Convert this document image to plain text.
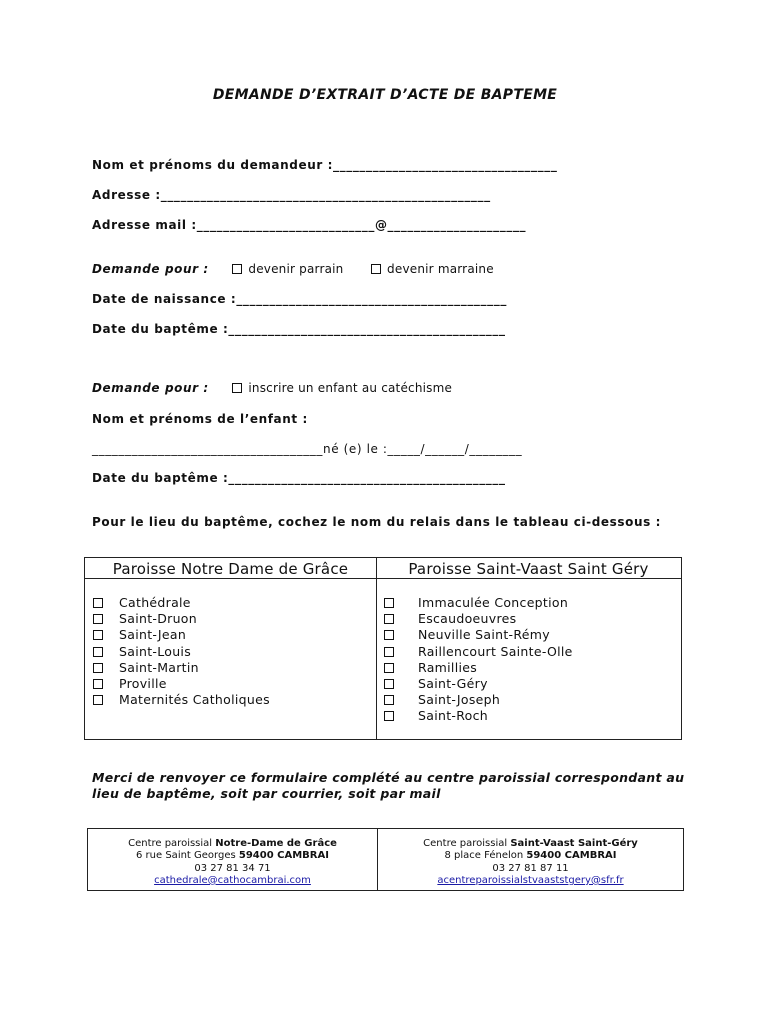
DEMANDE D’EXTRAIT D’ACTE DE BAPTEME
Nom et prénoms du demandeur :__________________________________
Adresse :__________________________________________________
Adresse mail :___________________________@_____________________
Demande pour :	devenir parrain	devenir marraine
Date de naissance :_________________________________________
Date du baptême :__________________________________________
Demande pour :	inscrire un enfant au catéchisme
Nom et prénoms de l’enfant :
___________________________________né (e) le :_____/______/________
Date du baptême :__________________________________________
Pour le lieu du baptême, cochez le nom du relais dans le tableau ci-dessous :
Paroisse Notre Dame de Grâce
Cathédrale
Saint-Druon
Saint-Jean
Saint-Louis
Saint-Martin
Proville
Maternités Catholiques
Paroisse Saint-Vaast Saint Géry
Immaculée Conception
Escaudoeuvres
Neuville Saint-Rémy
Raillencourt Sainte-Olle
Ramillies
Saint-Géry
Saint-Joseph
Saint-Roch
Merci de renvoyer ce formulaire complété au centre paroissial correspondant au lieu de baptême, soit par courrier, soit par mail
Centre paroissial Notre-Dame de Grâce
6 rue Saint Georges 59400 CAMBRAI
03 27 81 34 71
cathedrale@cathocambrai.com
Centre paroissial Saint-Vaast Saint-Géry
8 place Fénelon 59400 CAMBRAI
03 27 81 87 11
acentreparoissialstvaaststgery@sfr.fr
